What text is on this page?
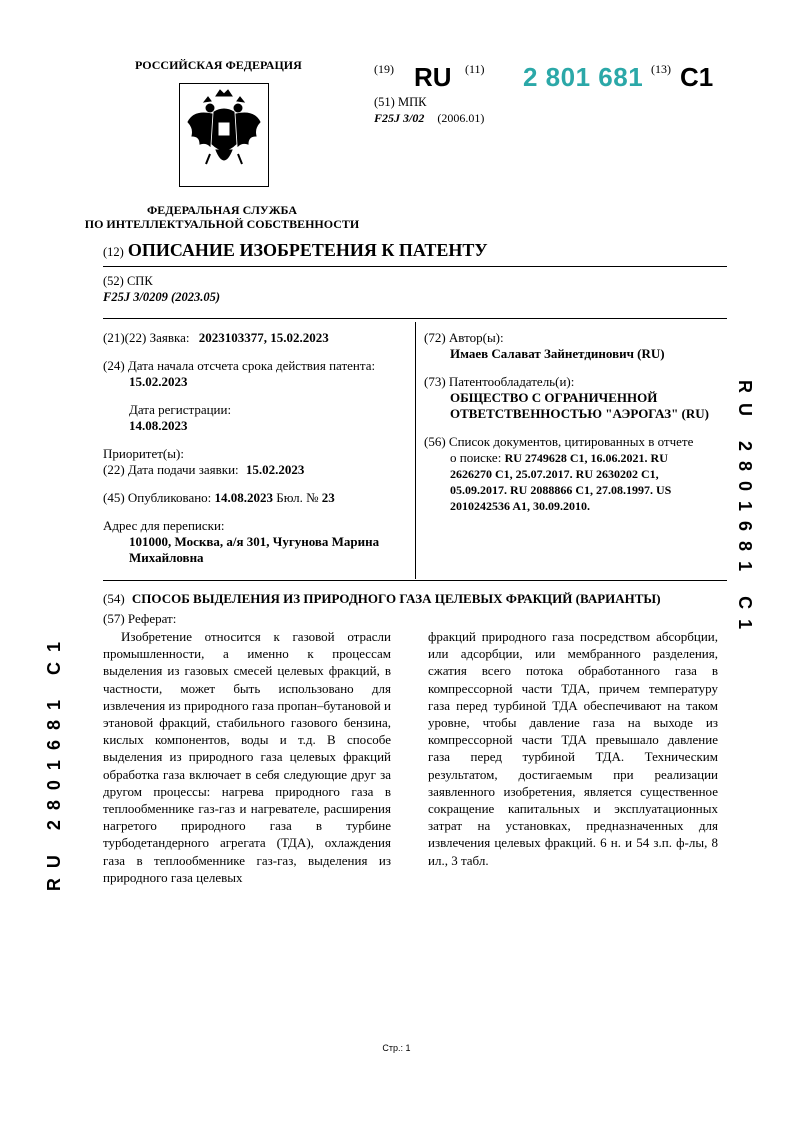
РОССИЙСКАЯ ФЕДЕРАЦИЯ
ФЕДЕРАЛЬНАЯ СЛУЖБА
ПО ИНТЕЛЛЕКТУАЛЬНОЙ СОБСТВЕННОСТИ
(19) RU (11) 2 801 681 (13) C1
(51) МПК
F25J 3/02 (2006.01)
(12) ОПИСАНИЕ ИЗОБРЕТЕНИЯ К ПАТЕНТУ
(52) СПК
F25J 3/0209 (2023.05)
(21)(22) Заявка: 2023103377, 15.02.2023
(24) Дата начала отсчета срока действия патента:
15.02.2023
Дата регистрации:
14.08.2023
Приоритет(ы):
(22) Дата подачи заявки: 15.02.2023
(45) Опубликовано: 14.08.2023 Бюл. № 23
Адрес для переписки:
101000, Москва, а/я 301, Чугунова Марина
Михайловна
(72) Автор(ы):
Имаев Салават Зайнетдинович (RU)
(73) Патентообладатель(и):
ОБЩЕСТВО С ОГРАНИЧЕННОЙ
ОТВЕТСТВЕННОСТЬЮ "АЭРОГАЗ" (RU)
(56) Список документов, цитированных в отчете
о поиске: RU 2749628 C1, 16.06.2021. RU
2626270 C1, 25.07.2017. RU 2630202 C1,
05.09.2017. RU 2088866 C1, 27.08.1997. US
2010242536 A1, 30.09.2010.
(54) СПОСОБ ВЫДЕЛЕНИЯ ИЗ ПРИРОДНОГО ГАЗА ЦЕЛЕВЫХ ФРАКЦИЙ (ВАРИАНТЫ)
(57) Реферат:

Изобретение относится к газовой отрасли промышленности, а именно к процессам выделения из газовых смесей целевых фракций, в частности, может быть использовано для извлечения из природного газа пропан–бутановой и этановой фракций, стабильного газового бензина, кислых компонентов, воды и т.д. В способе выделения из природного газа целевых фракций обработка газа включает в себя следующие друг за другом процессы: нагрева природного газа в теплообменнике газ-газ и нагревателе, расширения нагретого природного газа в турбине турбодетандерного агрегата (ТДА), охлаждения газа в теплообменнике газ-газ, выделения из природного газа целевых

фракций природного газа посредством абсорбции, или адсорбции, или мембранного разделения, сжатия всего потока обработанного газа в компрессорной части ТДА, причем температуру газа перед турбиной ТДА обеспечивают на таком уровне, чтобы давление газа на выходе из компрессорной части ТДА превышало давление газа перед турбиной ТДА. Техническим результатом, достигаемым при реализации заявленного изобретения, является существенное сокращение капитальных и эксплуатационных затрат на установках, предназначенных для извлечения целевых фракций. 6 н. и 54 з.п. ф-лы, 8 ил., 3 табл.

RU 2801681 C1
RU 2801681 C1
Стр.: 1
